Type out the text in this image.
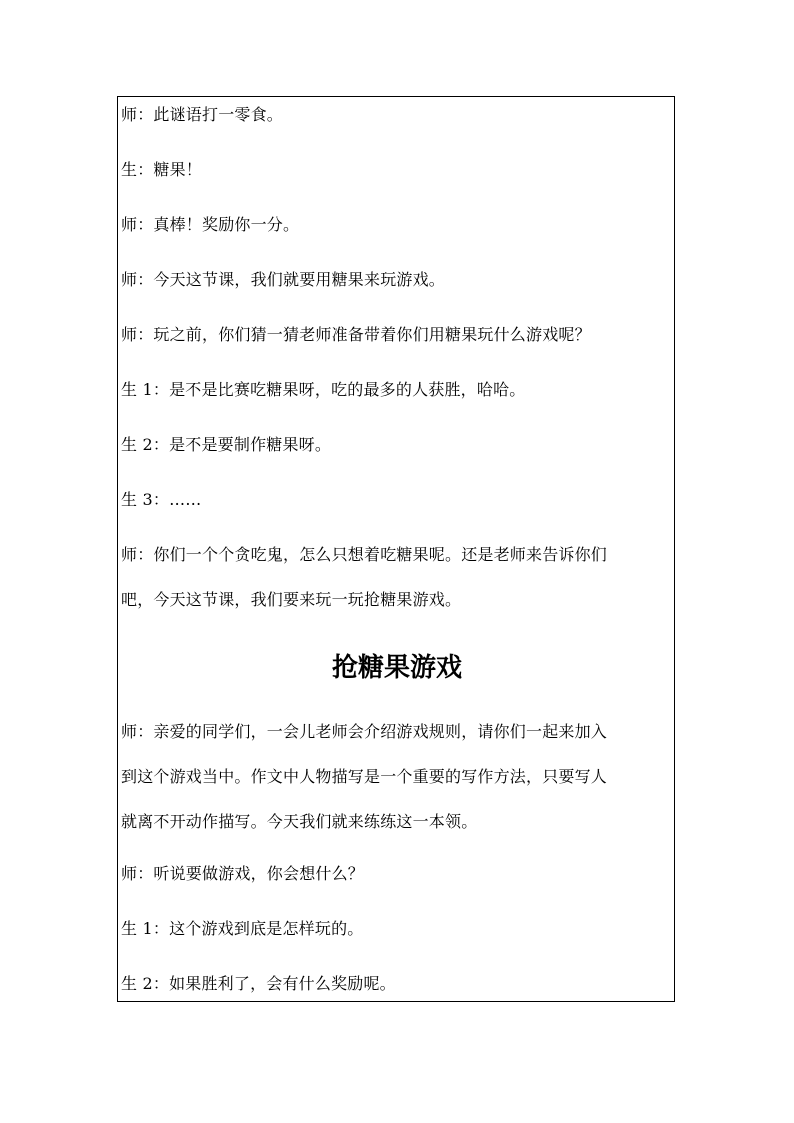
师：此谜语打一零食。
生：糖果！
师：真棒！奖励你一分。
师：今天这节课，我们就要用糖果来玩游戏。
师：玩之前，你们猜一猜老师准备带着你们用糖果玩什么游戏呢？
生 1：是不是比赛吃糖果呀，吃的最多的人获胜，哈哈。
生 2：是不是要制作糖果呀。
生 3：……
师：你们一个个贪吃鬼，怎么只想着吃糖果呢。还是老师来告诉你们
吧，今天这节课，我们要来玩一玩抢糖果游戏。
抢糖果游戏
师：亲爱的同学们，一会儿老师会介绍游戏规则，请你们一起来加入
到这个游戏当中。作文中人物描写是一个重要的写作方法，只要写人
就离不开动作描写。今天我们就来练练这一本领。
师：听说要做游戏，你会想什么？
生 1：这个游戏到底是怎样玩的。
生 2：如果胜利了，会有什么奖励呢。
